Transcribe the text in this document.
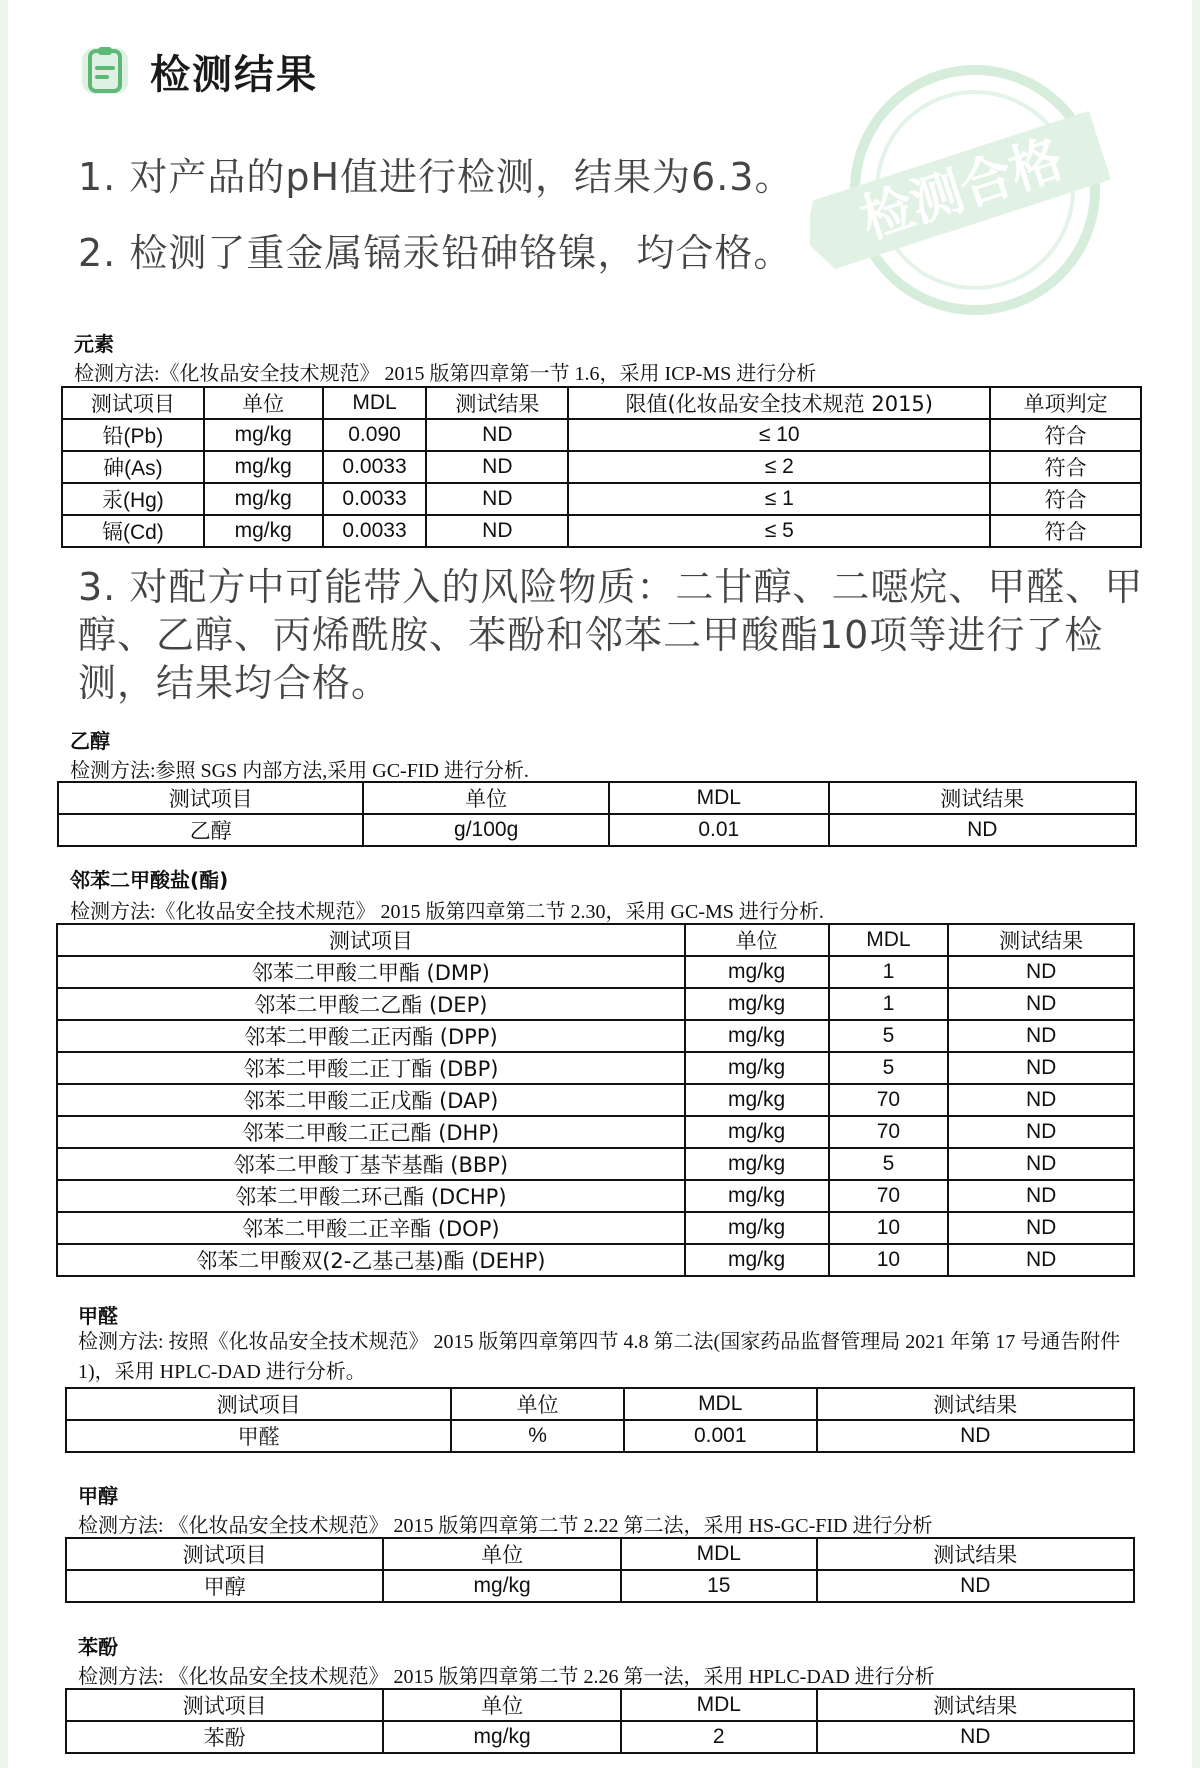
检测结果
检测合格
1. 对产品的pH值进行检测，结果为6.3。
2. 检测了重金属镉汞铅砷铬镍，均合格。
元素
检测方法:《化妆品安全技术规范》 2015 版第四章第一节 1.6，采用 ICP-MS 进行分析
测试项目	单位	MDL	测试结果	限值(化妆品安全技术规范 2015)	单项判定
铅(Pb)	mg/kg	0.090	ND	≤ 10	符合
砷(As)	mg/kg	0.0033	ND	≤ 2	符合
汞(Hg)	mg/kg	0.0033	ND	≤ 1	符合
镉(Cd)	mg/kg	0.0033	ND	≤ 5	符合
3. 对配方中可能带入的风险物质：二甘醇、二噁烷、甲醛、甲醇、乙醇、丙烯酰胺、苯酚和邻苯二甲酸酯10项等进行了检测，结果均合格。
乙醇
检测方法:参照 SGS 内部方法,采用 GC-FID 进行分析.
测试项目	单位	MDL	测试结果
乙醇	g/100g	0.01	ND
邻苯二甲酸盐(酯)
检测方法:《化妆品安全技术规范》 2015 版第四章第二节 2.30，采用 GC-MS 进行分析.
测试项目	单位	MDL	测试结果
邻苯二甲酸二甲酯 (DMP)	mg/kg	1	ND
邻苯二甲酸二乙酯 (DEP)	mg/kg	1	ND
邻苯二甲酸二正丙酯 (DPP)	mg/kg	5	ND
邻苯二甲酸二正丁酯 (DBP)	mg/kg	5	ND
邻苯二甲酸二正戊酯 (DAP)	mg/kg	70	ND
邻苯二甲酸二正己酯 (DHP)	mg/kg	70	ND
邻苯二甲酸丁基苄基酯 (BBP)	mg/kg	5	ND
邻苯二甲酸二环己酯 (DCHP)	mg/kg	70	ND
邻苯二甲酸二正辛酯 (DOP)	mg/kg	10	ND
邻苯二甲酸双(2-乙基己基)酯 (DEHP)	mg/kg	10	ND
甲醛
检测方法: 按照《化妆品安全技术规范》 2015 版第四章第四节 4.8 第二法(国家药品监督管理局 2021 年第 17 号通告附件 1)，采用 HPLC-DAD 进行分析。
测试项目	单位	MDL	测试结果
甲醛	%	0.001	ND
甲醇
检测方法: 《化妆品安全技术规范》 2015 版第四章第二节 2.22 第二法，采用 HS-GC-FID 进行分析
测试项目	单位	MDL	测试结果
甲醇	mg/kg	15	ND
苯酚
检测方法: 《化妆品安全技术规范》 2015 版第四章第二节 2.26 第一法，采用 HPLC-DAD 进行分析
测试项目	单位	MDL	测试结果
苯酚	mg/kg	2	ND
